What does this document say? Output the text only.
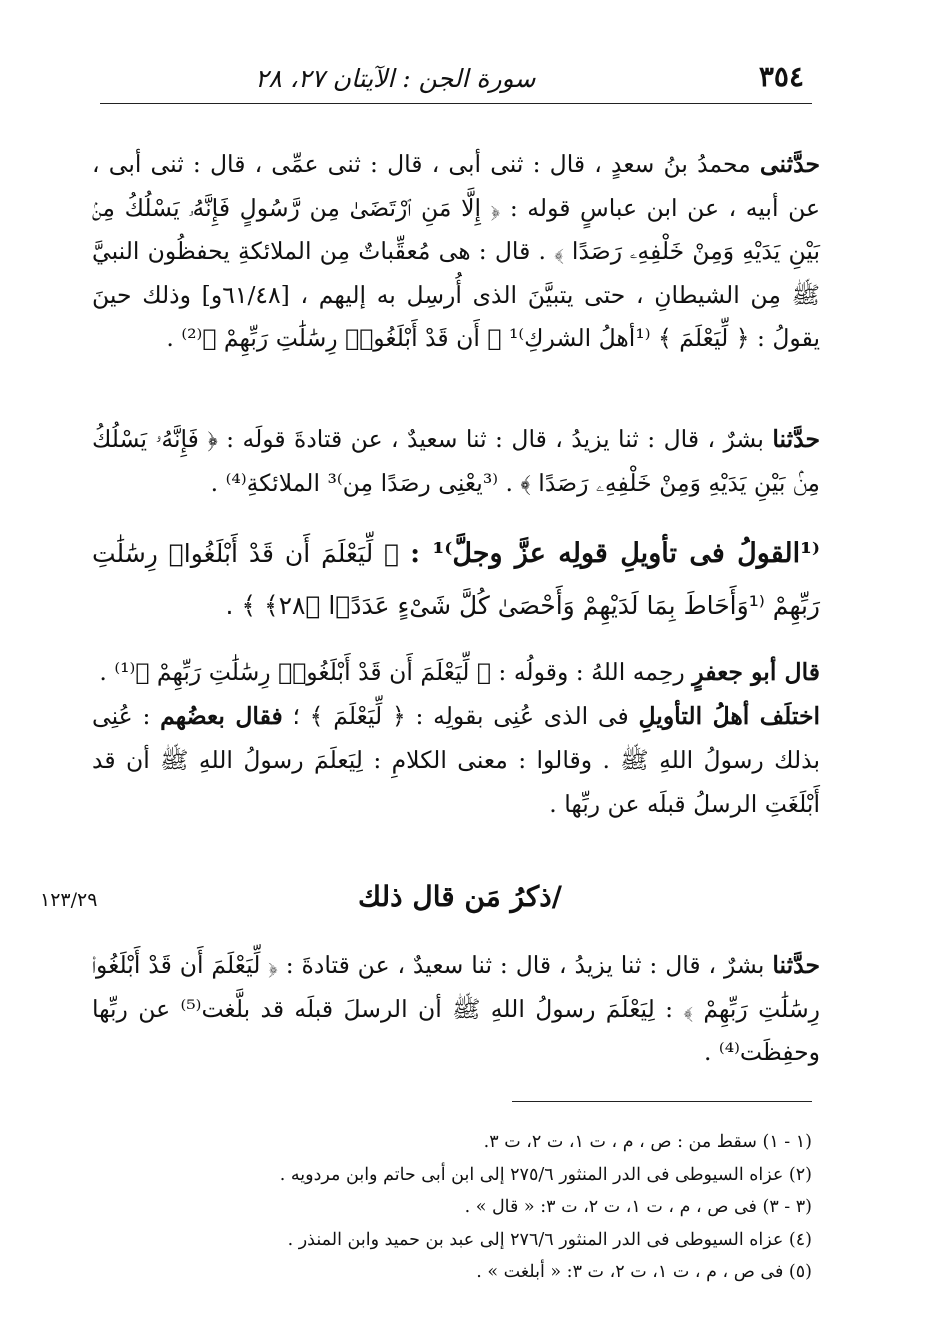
٣٥٤
سورة الجن : الآيتان ٢٧، ٢٨

حدَّثنى محمدُ بنُ سعدٍ ، قال : ثنى أبى ، قال : ثنى عمِّى ، قال : ثنى أبى ، عن أبيه ، عن ابن عباسٍ قوله : ﴿ إِلَّا مَنِ ٱرْتَضَىٰ مِن رَّسُولٍ فَإِنَّهُۥ يَسْلُكُ مِنۢ بَيْنِ يَدَيْهِ وَمِنْ خَلْفِهِۦ رَصَدًا ﴾ . قال : هى مُعقِّباتٌ مِن الملائكةِ يحفظُون النبيَّ ﷺ مِن الشيطانِ ، حتى يتبيَّنَ الذى أُرسِل به إليهم ، [٦١/٤٨و] وذلك حينَ يقولُ : ﴿ لِّيَعْلَمَ ﴾ ⁽¹أهلُ الشركِ⁾¹ ﴿ أَن قَدْ أَبْلَغُوا۟ رِسَٰلَٰتِ رَبِّهِمْ ﴾⁽²⁾ .

حدَّثنا بشرٌ ، قال : ثنا يزيدُ ، قال : ثنا سعيدٌ ، عن قتادةَ قولَه : ﴿ فَإِنَّهُۥ يَسْلُكُ مِنۢ بَيْنِ يَدَيْهِ وَمِنْ خَلْفِهِۦ رَصَدًا ﴾ . ⁽³يعْنِى رصَدًا مِن⁾³ الملائكةِ⁽⁴⁾ .

⁽¹القولُ فى تأويلِ قولِه عزَّ وجلَّ⁾¹ : ﴿ لِّيَعْلَمَ أَن قَدْ أَبْلَغُوا۟ رِسَٰلَٰتِ رَبِّهِمْ ⁽¹وَأَحَاطَ بِمَا لَدَيْهِمْ وَأَحْصَىٰ كُلَّ شَىْءٍ عَدَدًۢا ﴿٢٨﴾ ﴾ .

قال أبو جعفرٍ رحِمه اللهُ : وقولُه : ﴿ لِّيَعْلَمَ أَن قَدْ أَبْلَغُوا۟ رِسَٰلَٰتِ رَبِّهِمْ ﴾⁽¹⁾ .

اختلَف أهلُ التأويلِ فى الذى عُنِى بقولِه : ﴿ لِّيَعْلَمَ ﴾ ؛ فقال بعضُهم : عُنِى بذلك رسولُ اللهِ ﷺ . وقالوا : معنى الكلامِ : لِيَعلَمَ رسولُ اللهِ ﷺ أن قد أَبْلَغَتِ الرسلُ قبلَه عن ربِّها .

/ذكرُ مَن قال ذلك
١٢٣/٢٩

حدَّثنا بشرٌ ، قال : ثنا يزيدُ ، قال : ثنا سعيدٌ ، عن قتادةَ : ﴿ لِّيَعْلَمَ أَن قَدْ أَبْلَغُوا۟ رِسَٰلَٰتِ رَبِّهِمْ ﴾ : لِيَعْلَمَ رسولُ اللهِ ﷺ أن الرسلَ قبلَه قد بلَّغت⁽⁵⁾ عن ربِّها وحفِظَت⁽⁴⁾ .

(١ - ١) سقط من : ص ، م ، ت ١، ت ٢، ت ٣.

(٢) عزاه السيوطى فى الدر المنثور ٢٧٥/٦ إلى ابن أبى حاتم وابن مردويه .

(٣ - ٣) فى ص ، م ، ت ١، ت ٢، ت ٣: « قال » .

(٤) عزاه السيوطى فى الدر المنثور ٢٧٦/٦ إلى عبد بن حميد وابن المنذر .

(٥) فى ص ، م ، ت ١، ت ٢، ت ٣: « أبلغت » .
